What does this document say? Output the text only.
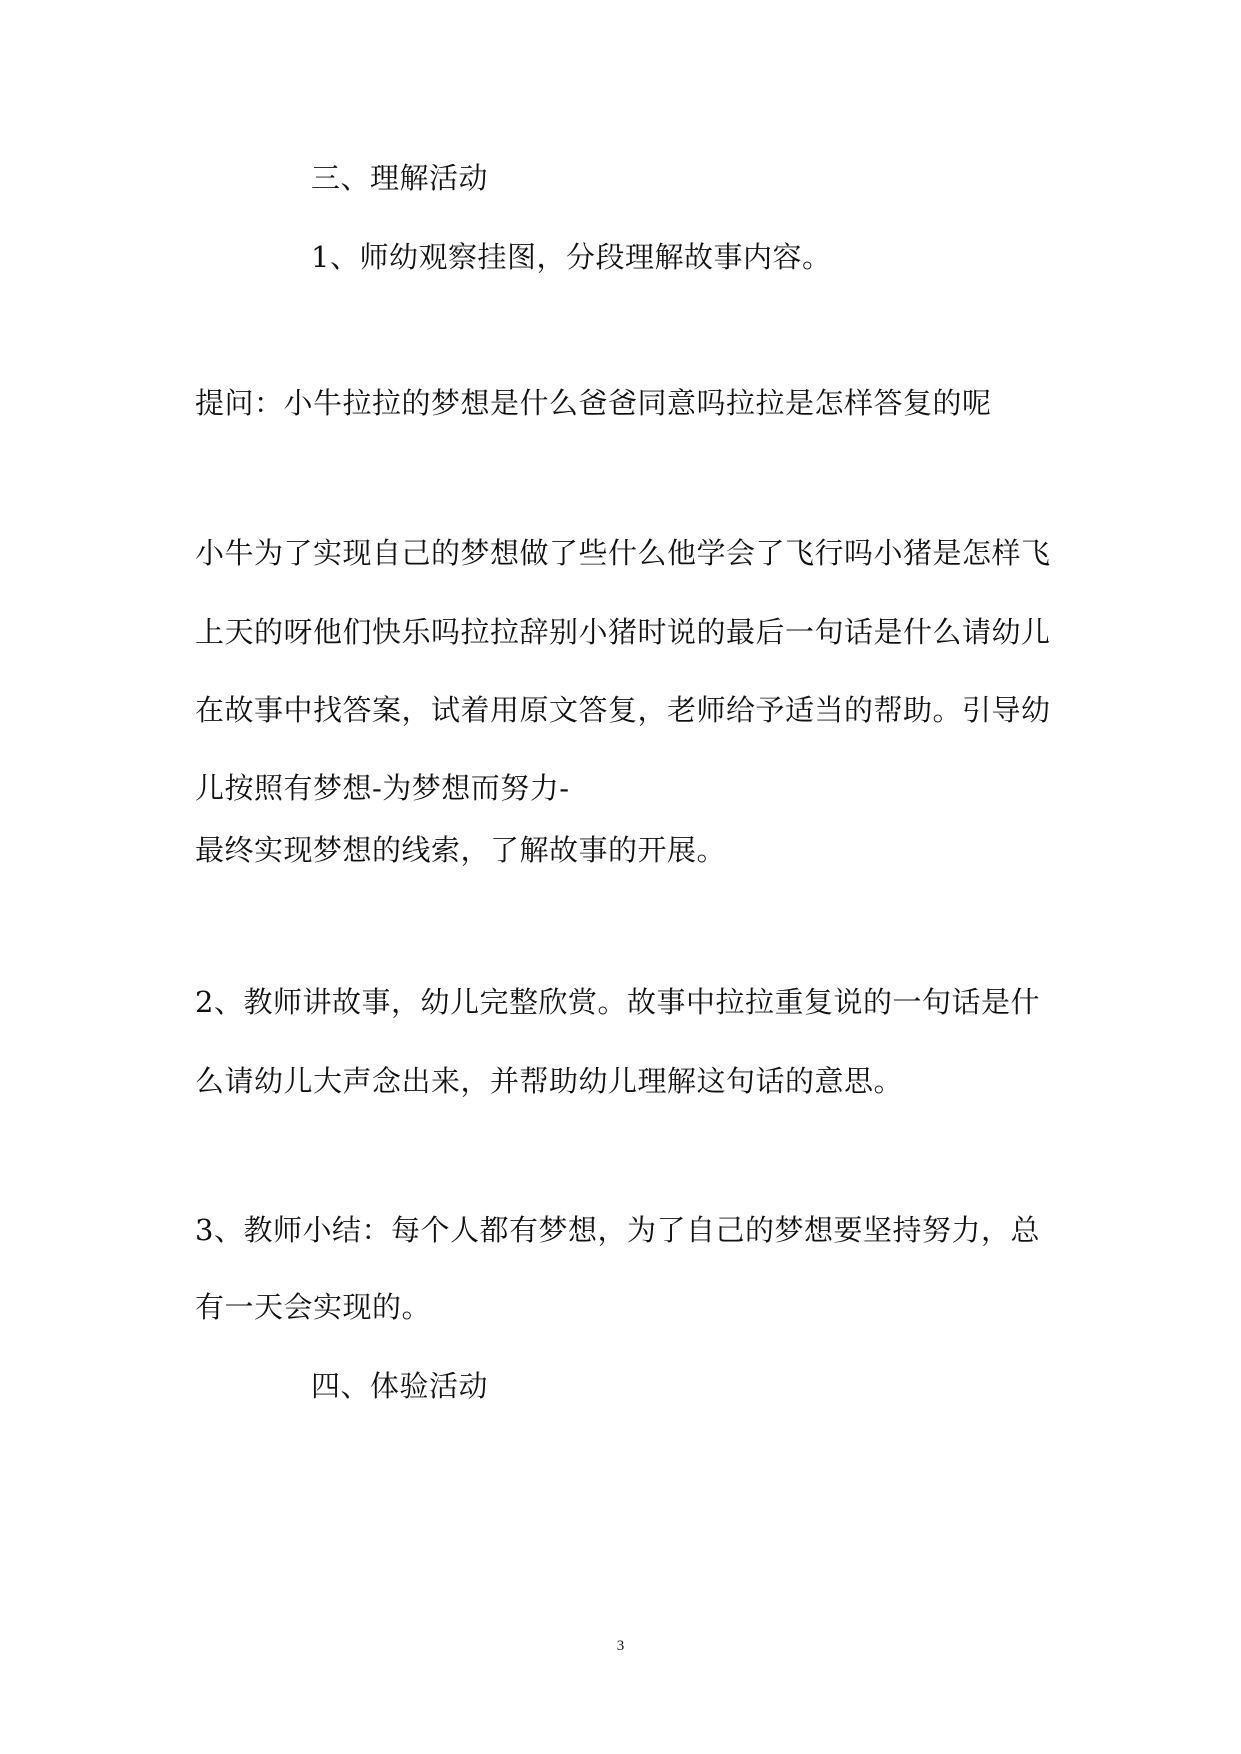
三、理解活动
1、师幼观察挂图，分段理解故事内容。
提问：小牛拉拉的梦想是什么爸爸同意吗拉拉是怎样答复的呢
小牛为了实现自己的梦想做了些什么他学会了飞行吗小猪是怎样飞
上天的呀他们快乐吗拉拉辞别小猪时说的最后一句话是什么请幼儿
在故事中找答案，试着用原文答复，老师给予适当的帮助。引导幼
儿按照有梦想-为梦想而努力-
最终实现梦想的线索，了解故事的开展。
2、教师讲故事，幼儿完整欣赏。故事中拉拉重复说的一句话是什
么请幼儿大声念出来，并帮助幼儿理解这句话的意思。
3、教师小结：每个人都有梦想，为了自己的梦想要坚持努力，总
有一天会实现的。
四、体验活动
3
